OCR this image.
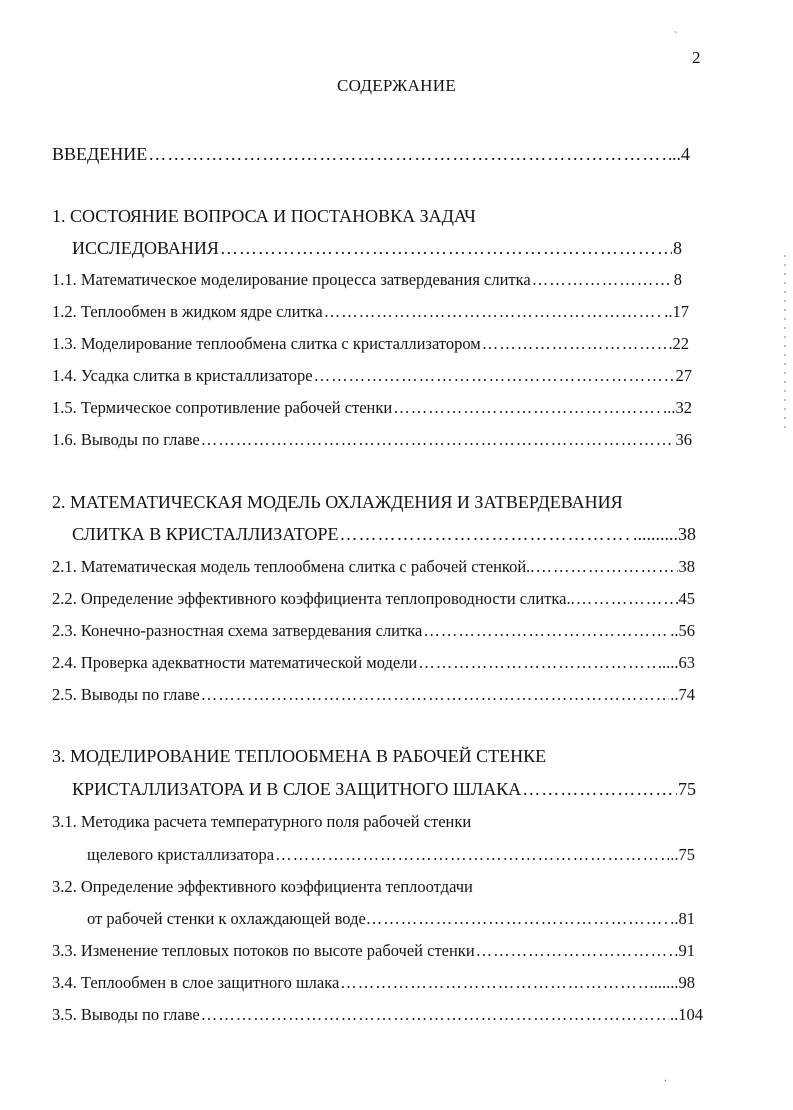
2
СОДЕРЖАНИЕ
ВВЕДЕНИЕ ……………………………………………………………………………………………………………………………………………………	..4
1. СОСТОЯНИЕ ВОПРОСА И ПОСТАНОВКА ЗАДАЧ
ИССЛЕДОВАНИЯ ……………………………………………………………………………………………………………………………………………………	8
1.1. Математическое моделирование процесса затвердевания слитка ……………………………………………………………………………………………………………………………………………………	8
1.2. Теплообмен в жидком ядре слитка ……………………………………………………………………………………………………………………………………………………	..17
1.3. Моделирование теплообмена слитка с кристаллизатором ……………………………………………………………………………………………………………………………………………………	22
1.4. Усадка слитка в кристаллизаторе ……………………………………………………………………………………………………………………………………………………	27
1.5. Термическое сопротивление рабочей стенки ……………………………………………………………………………………………………………………………………………………	...32
1.6. Выводы по главе ……………………………………………………………………………………………………………………………………………………	36
2. МАТЕМАТИЧЕСКАЯ МОДЕЛЬ ОХЛАЖДЕНИЯ И ЗАТВЕРДЕВАНИЯ
СЛИТКА В КРИСТАЛЛИЗАТОРЕ ……………………………………………………………………………………………………………………………………………………	..........38
2.1. Математическая модель теплообмена слитка с рабочей стенкой.. ……………………………………………………………………………………………………………………………………………………	38
2.2. Определение эффективного коэффициента теплопроводности слитка.. ……………………………………………………………………………………………………………………………………………………	45
2.3. Конечно-разностная схема затвердевания слитка ……………………………………………………………………………………………………………………………………………………	..56
2.4. Проверка адекватности математической модели ……………………………………………………………………………………………………………………………………………………	.....63
2.5. Выводы по главе ……………………………………………………………………………………………………………………………………………………	..74
3. МОДЕЛИРОВАНИЕ ТЕПЛООБМЕНА В РАБОЧЕЙ СТЕНКЕ
КРИСТАЛЛИЗАТОРА И В СЛОЕ ЗАЩИТНОГО ШЛАКА ……………………………………………………………………………………………………………………………………………………	75
3.1. Методика расчета температурного поля рабочей стенки
щелевого кристаллизатора ……………………………………………………………………………………………………………………………………………………	..75
3.2. Определение эффективного коэффициента теплоотдачи
от рабочей стенки к охлаждающей воде… ……………………………………………………………………………………………………………………………………………………	..81
3.3. Изменение тепловых потоков по высоте рабочей стенки ……………………………………………………………………………………………………………………………………………………	91
3.4. Теплообмен в слое защитного шлака ……………………………………………………………………………………………………………………………………………………	......98
3.5. Выводы по главе ……………………………………………………………………………………………………………………………………………………	..104
`
.
